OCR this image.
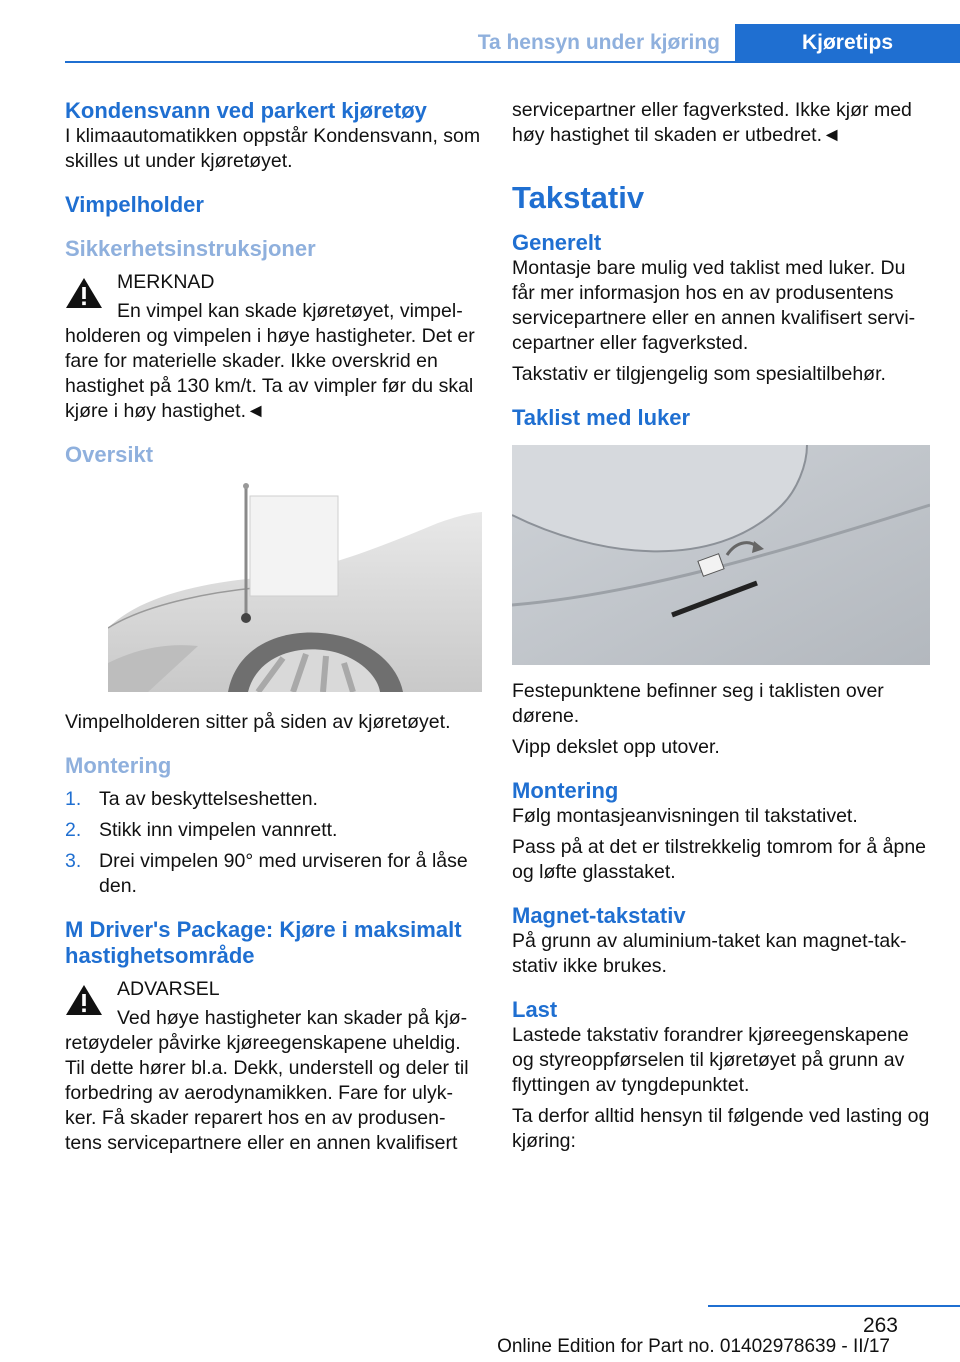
Ta hensyn under kjøring	Kjøretips
Kondensvann ved parkert kjøretøy

I klimaautomatikken oppstår Kondensvann, som skilles ut under kjøretøyet.

Vimpelholder
Sikkerhetsinstruksjoner

MERKNAD

En vimpel kan skade kjøretøyet, vimpel-

holderen og vimpelen i høye hastigheter. Det er fare for materielle skader. Ikke overskrid en hastighet på 130 km/t. Ta av vimpler før du skal kjøre i høy hastighet.◄

Oversikt

Vimpelholderen sitter på siden av kjøretøyet.

Montering
1. Ta av beskyttelseshetten.
2. Stikk inn vimpelen vannrett.
3. Drei vimpelen 90° med urviseren for å låse den.
M Driver's Package: Kjøre i maksimalt hastighetsområde

ADVARSEL

Ved høye hastigheter kan skader på kjø-

retøydeler påvirke kjøreegenskapene uheldig. Til dette hører bl.a. Dekk, understell og deler til forbedring av aerodynamikken. Fare for ulyk-ker. Få skader reparert hos en av produsen-tens servicepartnere eller en annen kvalifisert

servicepartner eller fagverksted. Ikke kjør med høy hastighet til skaden er utbedret.◄

Takstativ
Generelt

Montasje bare mulig ved taklist med luker. Du får mer informasjon hos en av produsentens servicepartnere eller en annen kvalifisert servi-cepartner eller fagverksted.

Takstativ er tilgjengelig som spesialtilbehør.

Taklist med luker

Festepunktene befinner seg i taklisten over dørene.

Vipp dekslet opp utover.

Montering

Følg montasjeanvisningen til takstativet.

Pass på at det er tilstrekkelig tomrom for å åpne og løfte glasstaket.

Magnet-takstativ

På grunn av aluminium-taket kan magnet-tak-stativ ikke brukes.

Last

Lastede takstativ forandrer kjøreegenskapene og styreoppførselen til kjøretøyet på grunn av flyttingen av tyngdepunktet.

Ta derfor alltid hensyn til følgende ved lasting og kjøring:

263
Online Edition for Part no. 01402978639 - II/17
